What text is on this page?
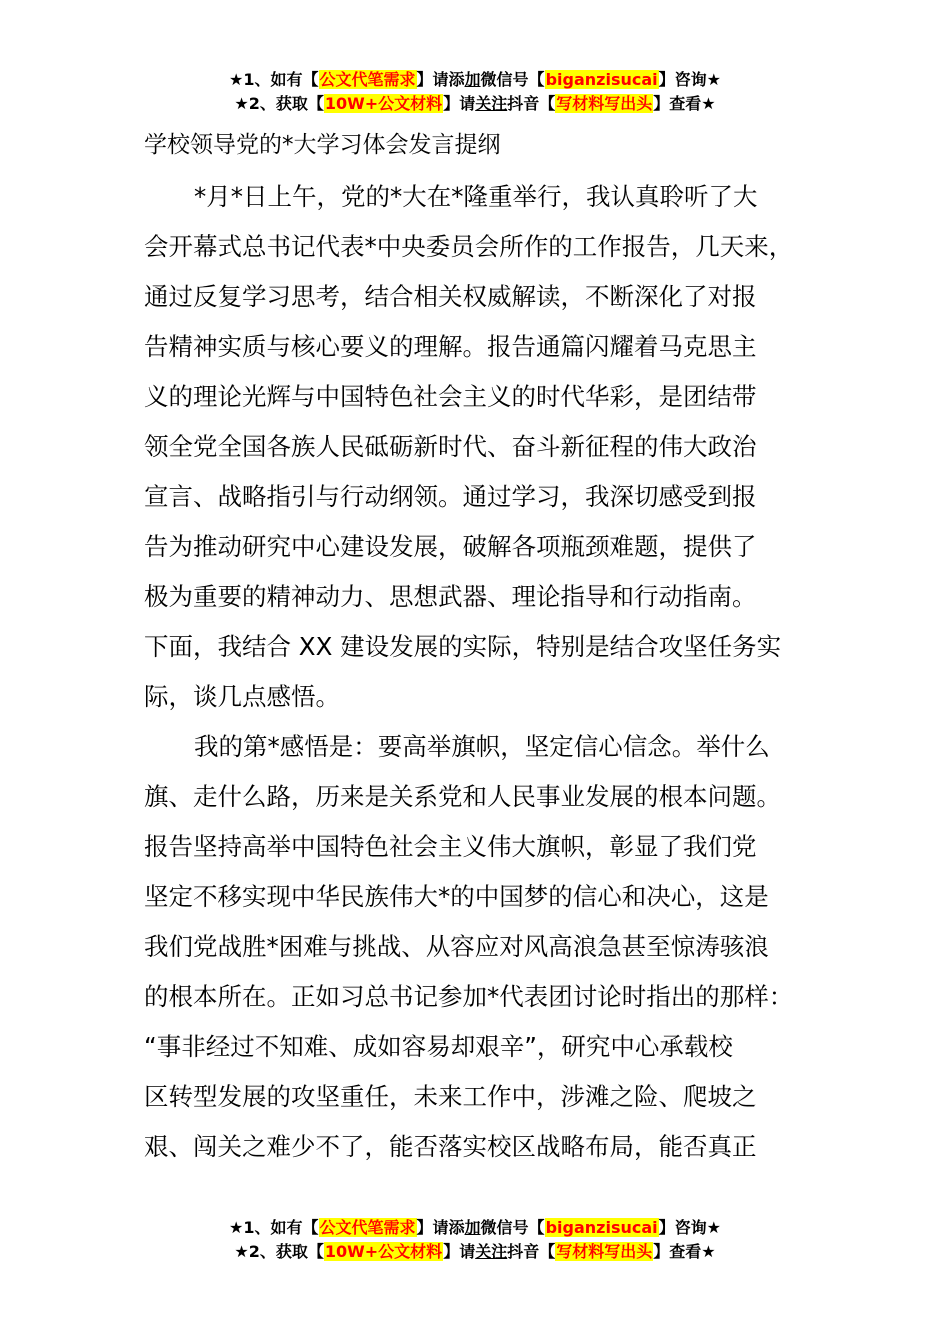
★1、如有【公文代笔需求】请添加微信号【biganzisucai】咨询★
★2、获取【10W+公文材料】请关注抖音【写材料写出头】查看★
学校领导党的*大学习体会发言提纲
*月*日上午，党的*大在*隆重举行，我认真聆听了大
会开幕式总书记代表*中央委员会所作的工作报告，几天来，
通过反复学习思考，结合相关权威解读，不断深化了对报
告精神实质与核心要义的理解。报告通篇闪耀着马克思主
义的理论光辉与中国特色社会主义的时代华彩，是团结带
领全党全国各族人民砥砺新时代、奋斗新征程的伟大政治
宣言、战略指引与行动纲领。通过学习，我深切感受到报
告为推动研究中心建设发展，破解各项瓶颈难题，提供了
极为重要的精神动力、思想武器、理论指导和行动指南。
下面，我结合 XX 建设发展的实际，特别是结合攻坚任务实
际，谈几点感悟。
我的第*感悟是：要高举旗帜，坚定信心信念。举什么
旗、走什么路，历来是关系党和人民事业发展的根本问题。
报告坚持高举中国特色社会主义伟大旗帜，彰显了我们党
坚定不移实现中华民族伟大*的中国梦的信心和决心，这是
我们党战胜*困难与挑战、从容应对风高浪急甚至惊涛骇浪
的根本所在。正如习总书记参加*代表团讨论时指出的那样：
“事非经过不知难、成如容易却艰辛”，研究中心承载校
区转型发展的攻坚重任，未来工作中，涉滩之险、爬坡之
艰、闯关之难少不了，能否落实校区战略布局，能否真正
★1、如有【公文代笔需求】请添加微信号【biganzisucai】咨询★
★2、获取【10W+公文材料】请关注抖音【写材料写出头】查看★
